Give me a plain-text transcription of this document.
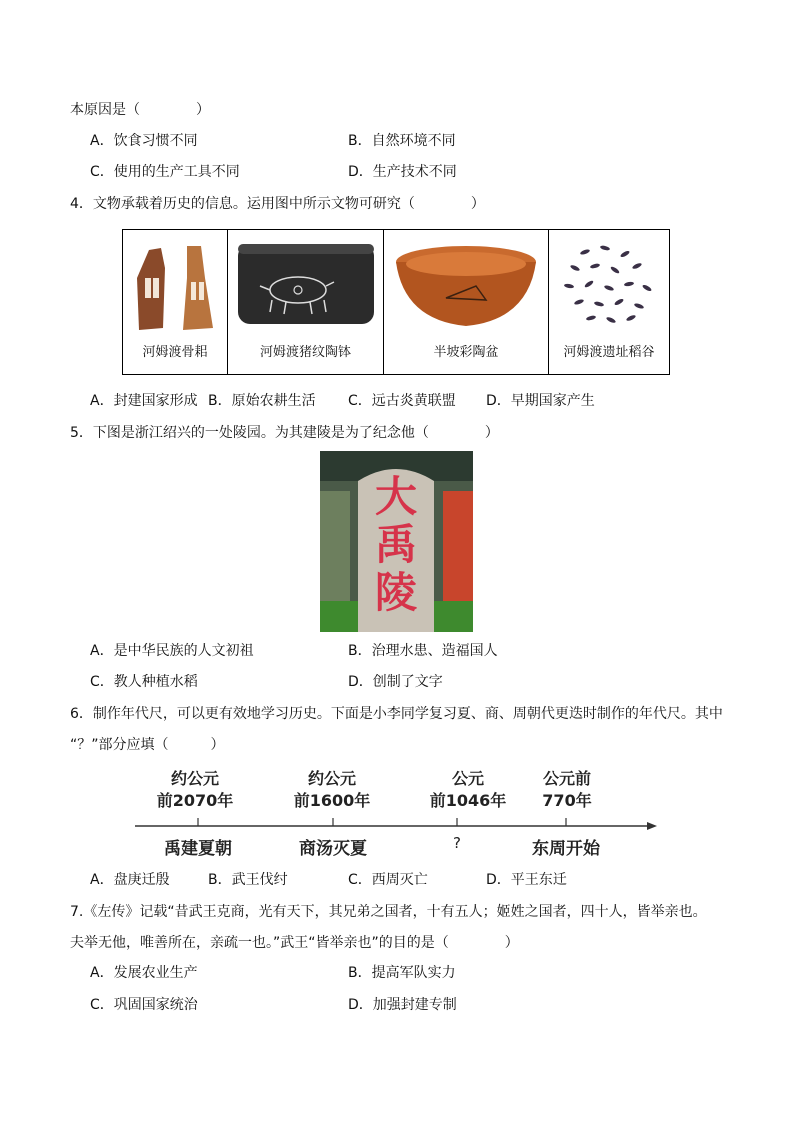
本原因是（　　　　）
A．饮食习惯不同	B．自然环境不同
C．使用的生产工具不同	D．生产技术不同
4．文物承载着历史的信息。运用图中所示文物可研究（　　　　）
河姆渡骨耜	河姆渡猪纹陶钵	半坡彩陶盆	河姆渡遗址稻谷
A．封建国家形成 B．原始农耕生活 C．远古炎黄联盟 D．早期国家产生
5．下图是浙江绍兴的一处陵园。为其建陵是为了纪念他（　　　　）
大
禹
陵
A．是中华民族的人文初祖	B．治理水患、造福国人
C．教人种植水稻	D．创制了文字
6．制作年代尺，可以更有效地学习历史。下面是小李同学复习夏、商、周朝代更迭时制作的年代尺。其中
“？”部分应填（　　　）
约公元
前2070年
约公元
前1600年
公元
前1046年
公元前
770年
禹建夏朝	商汤灭夏	?	东周开始
A．盘庚迁殷	B．武王伐纣	C．西周灭亡	D．平王东迁
7.《左传》记载“昔武王克商，光有天下，其兄弟之国者，十有五人；姬姓之国者，四十人，皆举亲也。
夫举无他，唯善所在，亲疏一也。”武王“皆举亲也”的目的是（　　　　）
A．发展农业生产	B．提高军队实力
C．巩固国家统治	D．加强封建专制
